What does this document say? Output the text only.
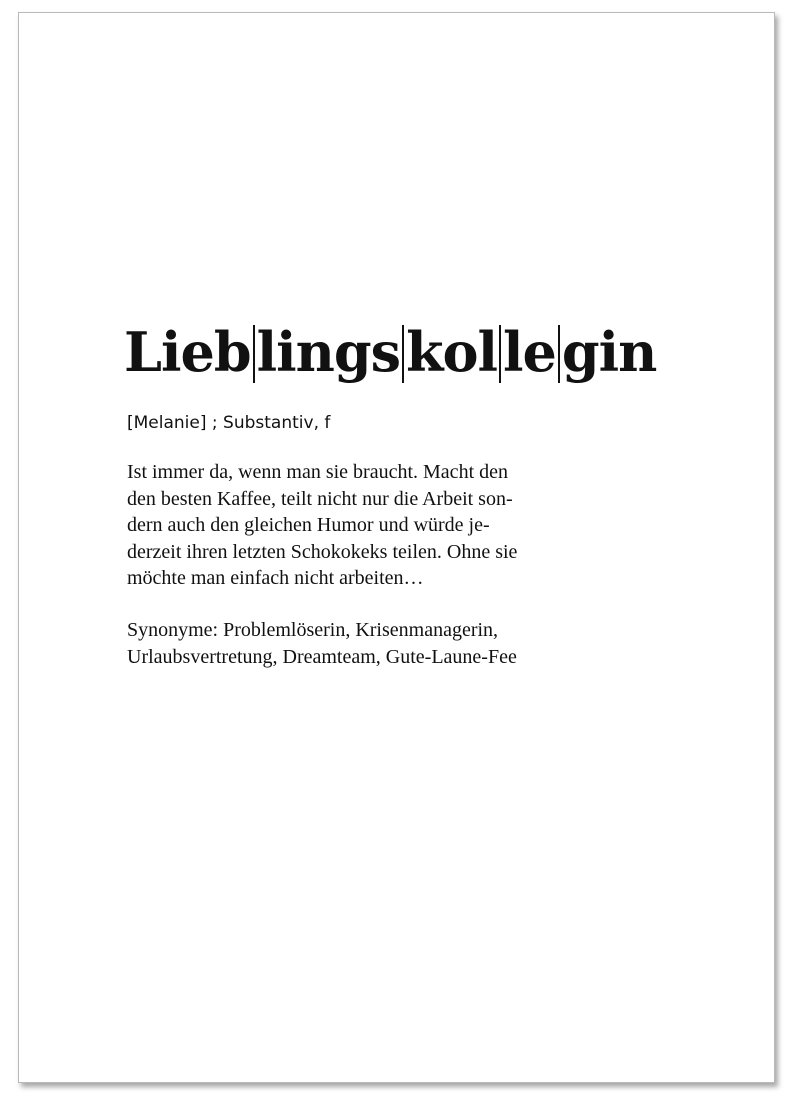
Lieb lings kol le gin

[Melanie] ; Substantiv, f

Ist immer da, wenn man sie braucht. Macht den
den besten Kaffee, teilt nicht nur die Arbeit son-
dern auch den gleichen Humor und würde je-
derzeit ihren letzten Schokokeks teilen. Ohne sie
möchte man einfach nicht arbeiten…

Synonyme: Problemlöserin, Krisenmanagerin,
Urlaubsvertretung, Dreamteam, Gute-Laune-Fee
